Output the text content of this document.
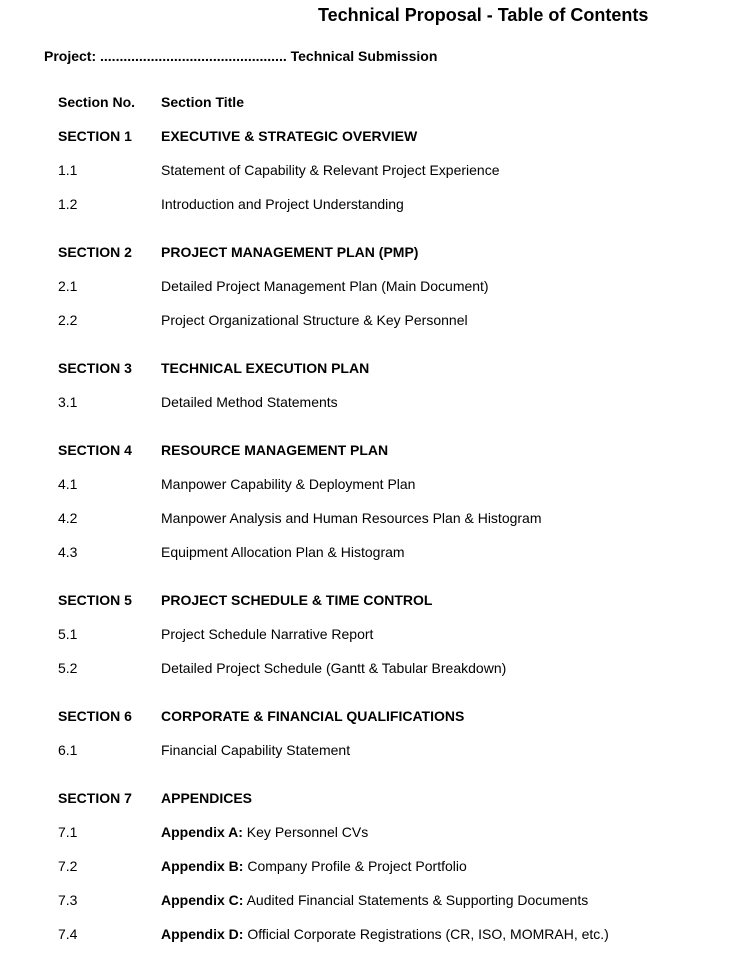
Technical Proposal - Table of Contents
Project: ................................................ Technical Submission
Section No.	Section Title
SECTION 1	EXECUTIVE & STRATEGIC OVERVIEW
1.1	Statement of Capability & Relevant Project Experience
1.2	Introduction and Project Understanding
SECTION 2	PROJECT MANAGEMENT PLAN (PMP)
2.1	Detailed Project Management Plan (Main Document)
2.2	Project Organizational Structure & Key Personnel
SECTION 3	TECHNICAL EXECUTION PLAN
3.1	Detailed Method Statements
SECTION 4	RESOURCE MANAGEMENT PLAN
4.1	Manpower Capability & Deployment Plan
4.2	Manpower Analysis and Human Resources Plan & Histogram
4.3	Equipment Allocation Plan & Histogram
SECTION 5	PROJECT SCHEDULE & TIME CONTROL
5.1	Project Schedule Narrative Report
5.2	Detailed Project Schedule (Gantt & Tabular Breakdown)
SECTION 6	CORPORATE & FINANCIAL QUALIFICATIONS
6.1	Financial Capability Statement
SECTION 7	APPENDICES
7.1	Appendix A: Key Personnel CVs
7.2	Appendix B: Company Profile & Project Portfolio
7.3	Appendix C: Audited Financial Statements & Supporting Documents
7.4	Appendix D: Official Corporate Registrations (CR, ISO, MOMRAH, etc.)
